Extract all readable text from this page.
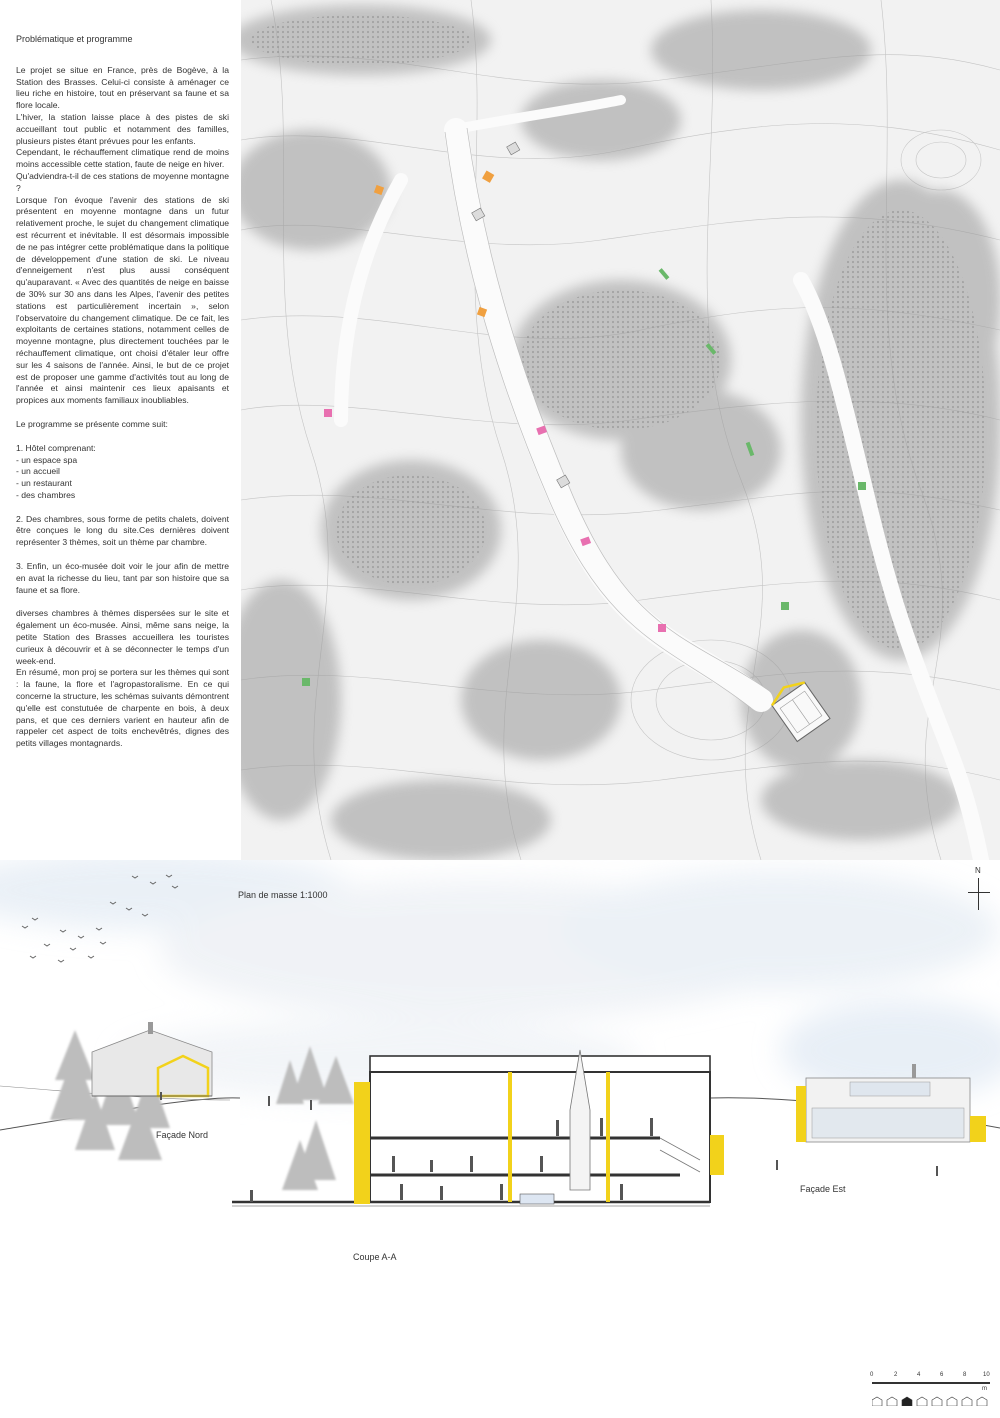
Problématique et programme

Le projet se situe en France, près de Bogève, à la Station des Brasses. Celui-ci consiste à aménager ce lieu riche en histoire, tout en préservant sa faune et sa flore locale.

L'hiver, la station laisse place à des pistes de ski accueillant tout public et notamment des familles, plusieurs pistes étant prévues pour les enfants.

Cependant, le réchauffement climatique rend de moins moins accessible cette station, faute de neige en hiver.

Qu'adviendra-t-il de ces stations de moyenne montagne ?

Lorsque l'on évoque l'avenir des stations de ski présentent en moyenne montagne dans un futur relativement proche, le sujet du changement climatique est récurrent et inévitable. Il est désormais impossible de ne pas intégrer cette problématique dans la politique de développement d'une station de ski. Le niveau d'enneigement n'est plus aussi conséquent qu'auparavant. « Avec des quantités de neige en baisse de 30% sur 30 ans dans les Alpes, l'avenir des petites stations est particulièrement incertain », selon l'observatoire du changement climatique. De ce fait, les exploitants de certaines stations, notamment celles de moyenne montagne, plus directement touchées par le réchauffement climatique, ont choisi d'étaler leur offre sur les 4 saisons de l'année. Ainsi, le but de ce projet est de proposer une gamme d'activités tout au long de l'année et ainsi maintenir ces lieux apaisants et propices aux moments familiaux inoubliables.

Le programme se présente comme suit:

1. Hôtel comprenant:

- un espace spa
- un accueil
- un restaurant
- des chambres

2. Des chambres, sous forme de petits chalets, doivent être conçues le long du site.Ces dernières doivent représenter 3 thèmes, soit un thème par chambre.

3. Enfin, un éco-musée doit voir le jour afin de mettre en avat la richesse du lieu, tant par son histoire que sa faune et sa flore.

diverses chambres à thèmes dispersées sur le site et également un éco-musée. Ainsi, même sans neige, la petite Station des Brasses accueillera les touristes curieux à découvrir et à se déconnecter le temps d'un week-end.

En résumé, mon proj se portera sur les thèmes qui sont : la faune, la flore et l'agropastoralisme. En ce qui concerne la structure, les schémas suivants démontrent qu'elle est constutuée de charpente en bois, à deux pans, et que ces derniers varient en hauteur afin de rappeler cet aspect de toits enchevêtrés, dignes des petits villages montagnards.

Plan de masse 1:1000
Façade Nord
Coupe A-A
Façade Est
N
0	2	4	6	8	10
m
